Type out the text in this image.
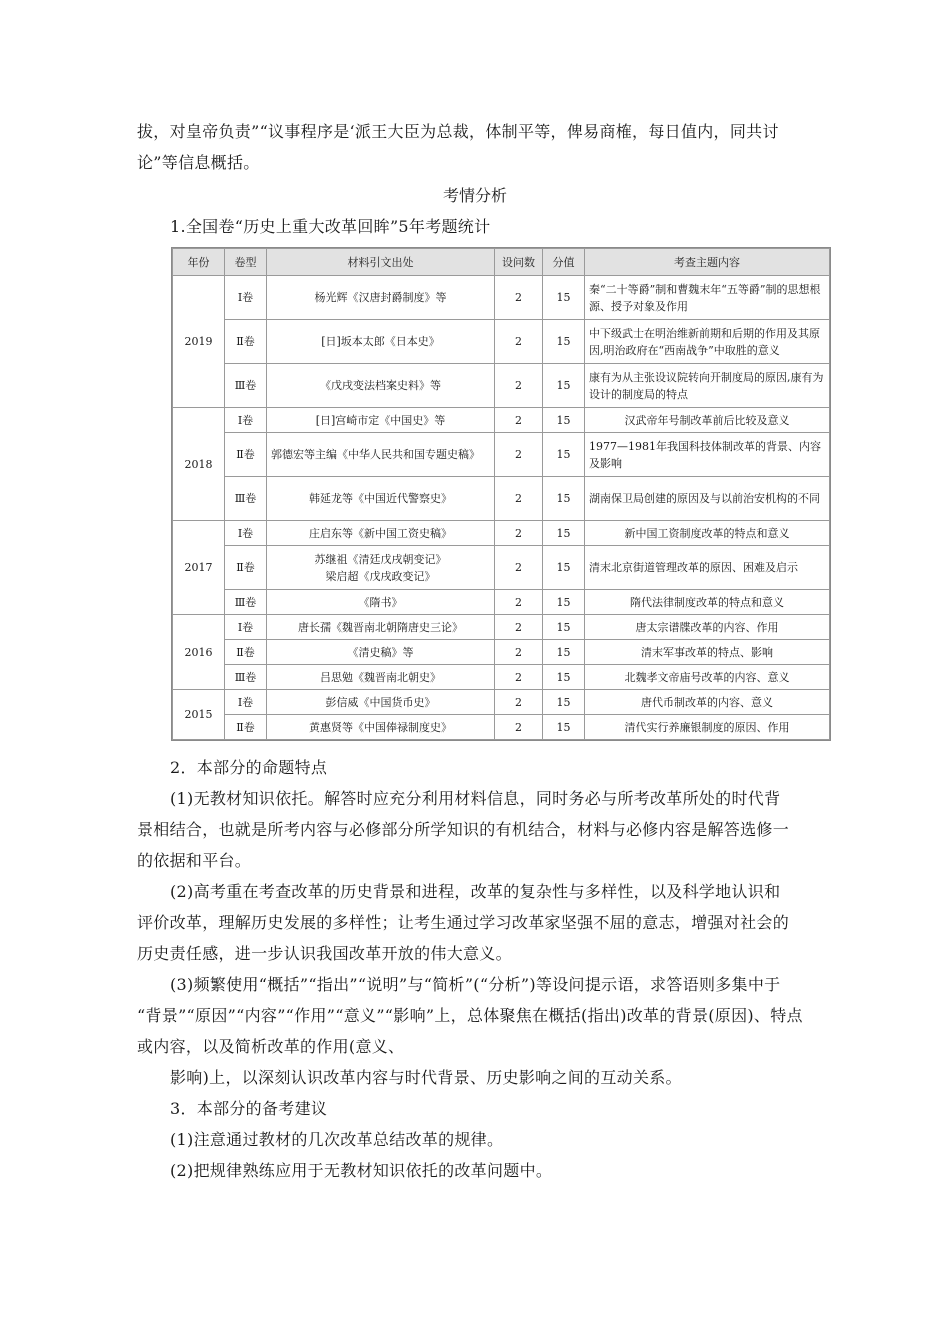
拔，对皇帝负责”“议事程序是‘派王大臣为总裁，体制平等，俾易商榷，每日值内，同共讨

论”等信息概括。

考情分析

1.全国卷“历史上重大改革回眸”5年考题统计

年份	卷型	材料引文出处	设问数	分值	考查主题内容
2019	Ⅰ卷	杨光辉《汉唐封爵制度》等	2	15	秦“二十等爵”制和曹魏末年“五等爵”制的思想根源、授予对象及作用
	Ⅱ卷	[日]坂本太郎《日本史》	2	15	中下级武士在明治维新前期和后期的作用及其原因,明治政府在“西南战争”中取胜的意义
	Ⅲ卷	《戊戌变法档案史料》等	2	15	康有为从主张设议院转向开制度局的原因,康有为设计的制度局的特点
2018	Ⅰ卷	[日]宫崎市定《中国史》等	2	15	汉武帝年号制改革前后比较及意义
	Ⅱ卷	郭德宏等主编《中华人民共和国专题史稿》	2	15	1977—1981年我国科技体制改革的背景、内容及影响
	Ⅲ卷	韩延龙等《中国近代警察史》	2	15	湖南保卫局创建的原因及与以前治安机构的不同
2017	Ⅰ卷	庄启东等《新中国工资史稿》	2	15	新中国工资制度改革的特点和意义
	Ⅱ卷	苏继祖《清廷戊戌朝变记》
梁启超《戊戌政变记》	2	15	清末北京街道管理改革的原因、困难及启示
	Ⅲ卷	《隋书》	2	15	隋代法律制度改革的特点和意义
2016	Ⅰ卷	唐长孺《魏晋南北朝隋唐史三论》	2	15	唐太宗谱牒改革的内容、作用
	Ⅱ卷	《清史稿》等	2	15	清末军事改革的特点、影响
	Ⅲ卷	吕思勉《魏晋南北朝史》	2	15	北魏孝文帝庙号改革的内容、意义
2015	Ⅰ卷	彭信威《中国货币史》	2	15	唐代币制改革的内容、意义
	Ⅱ卷	黄惠贤等《中国俸禄制度史》	2	15	清代实行养廉银制度的原因、作用

2．本部分的命题特点

(1)无教材知识依托。解答时应充分利用材料信息，同时务必与所考改革所处的时代背

景相结合，也就是所考内容与必修部分所学知识的有机结合，材料与必修内容是解答选修一

的依据和平台。

(2)高考重在考查改革的历史背景和进程，改革的复杂性与多样性，以及科学地认识和

评价改革，理解历史发展的多样性；让考生通过学习改革家坚强不屈的意志，增强对社会的

历史责任感，进一步认识我国改革开放的伟大意义。

(3)频繁使用“概括”“指出”“说明”与“简析”(“分析”)等设问提示语，求答语则多集中于

“背景”“原因”“内容”“作用”“意义”“影响”上，总体聚焦在概括(指出)改革的背景(原因)、特点

或内容，以及简析改革的作用(意义、

影响)上，以深刻认识改革内容与时代背景、历史影响之间的互动关系。

3．本部分的备考建议

(1)注意通过教材的几次改革总结改革的规律。

(2)把规律熟练应用于无教材知识依托的改革问题中。
